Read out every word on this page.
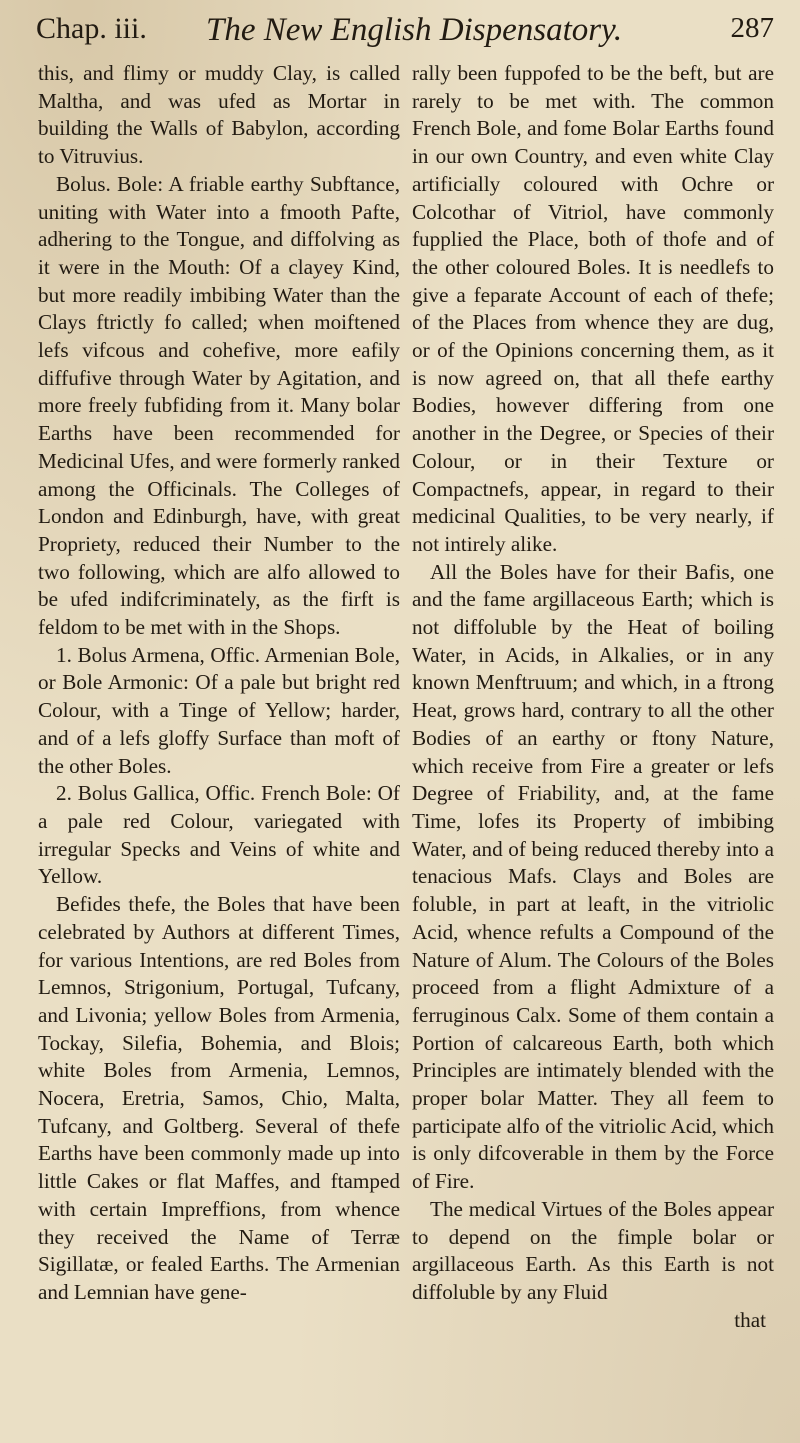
Chap. iii. The New English Dispensatory.	287

this, and flimy or muddy Clay, is called Maltha, and was ufed as Mortar in building the Walls of Babylon, according to Vitruvius.

Bolus. Bole: A friable earthy Subftance, uniting with Water into a fmooth Pafte, adhering to the Tongue, and diffolving as it were in the Mouth: Of a clayey Kind, but more readily imbibing Water than the Clays ftrictly fo called; when moiftened lefs vifcous and cohefive, more eafily diffufive through Water by Agitation, and more freely fubfiding from it. Many bolar Earths have been recommended for Medicinal Ufes, and were formerly ranked among the Officinals. The Colleges of London and Edinburgh, have, with great Propriety, reduced their Number to the two following, which are alfo allowed to be ufed indifcriminately, as the firft is feldom to be met with in the Shops.

1. Bolus Armena, Offic. Armenian Bole, or Bole Armonic: Of a pale but bright red Colour, with a Tinge of Yellow; harder, and of a lefs gloffy Surface than moft of the other Boles.

2. Bolus Gallica, Offic. French Bole: Of a pale red Colour, variegated with irregular Specks and Veins of white and Yellow.

Befides thefe, the Boles that have been celebrated by Authors at different Times, for various Intentions, are red Boles from Lemnos, Strigonium, Portugal, Tufcany, and Livonia; yellow Boles from Armenia, Tockay, Silefia, Bohemia, and Blois; white Boles from Armenia, Lemnos, Nocera, Eretria, Samos, Chio, Malta, Tufcany, and Goltberg. Several of thefe Earths have been commonly made up into little Cakes or flat Maffes, and ftamped with certain Impreffions, from whence they received the Name of Terræ Sigillatæ, or fealed Earths. The Armenian and Lemnian have gene-

rally been fuppofed to be the beft, but are rarely to be met with. The common French Bole, and fome Bolar Earths found in our own Country, and even white Clay artificially coloured with Ochre or Colcothar of Vitriol, have commonly fupplied the Place, both of thofe and of the other coloured Boles. It is needlefs to give a feparate Account of each of thefe; of the Places from whence they are dug, or of the Opinions concerning them, as it is now agreed on, that all thefe earthy Bodies, however differing from one another in the Degree, or Species of their Colour, or in their Texture or Compactnefs, appear, in regard to their medicinal Qualities, to be very nearly, if not intirely alike.

All the Boles have for their Bafis, one and the fame argillaceous Earth; which is not diffoluble by the Heat of boiling Water, in Acids, in Alkalies, or in any known Menftruum; and which, in a ftrong Heat, grows hard, contrary to all the other Bodies of an earthy or ftony Nature, which receive from Fire a greater or lefs Degree of Friability, and, at the fame Time, lofes its Property of imbibing Water, and of being reduced thereby into a tenacious Mafs. Clays and Boles are foluble, in part at leaft, in the vitriolic Acid, whence refults a Compound of the Nature of Alum. The Colours of the Boles proceed from a flight Admixture of a ferruginous Calx. Some of them contain a Portion of calcareous Earth, both which Principles are intimately blended with the proper bolar Matter. They all feem to participate alfo of the vitriolic Acid, which is only difcoverable in them by the Force of Fire.

The medical Virtues of the Boles appear to depend on the fimple bolar or argillaceous Earth. As this Earth is not diffoluble by any Fluid

that
